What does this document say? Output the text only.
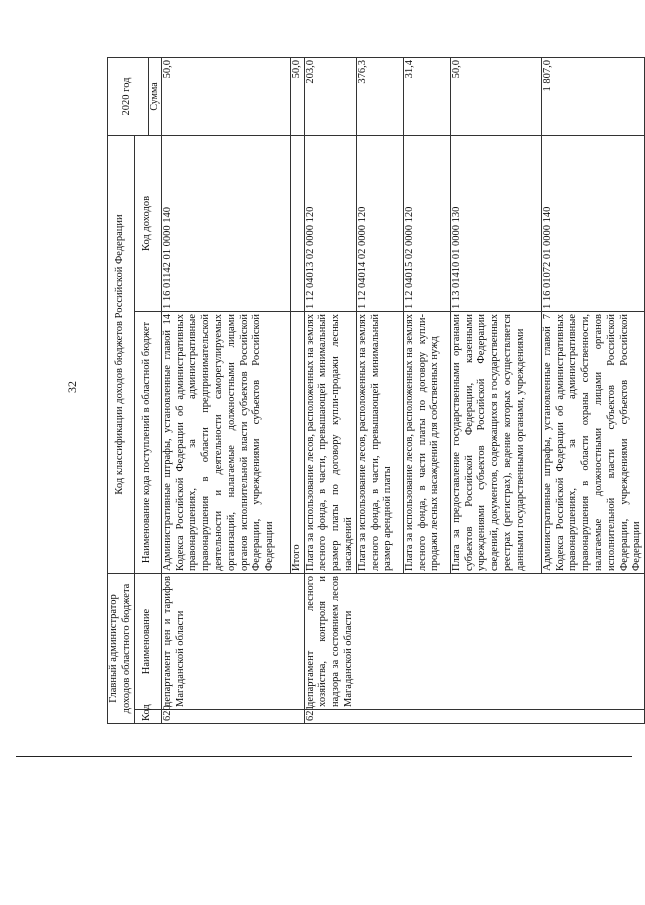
32
Главный администратор доходов областного бюджета		Код классификации доходов бюджетов Российской Федерации		2020 год
Код	Наименование	Наименование кода поступлений в областной бюджет	Код доходов	
				Сумма
620	департамент цен и тарифов Магаданской области	Административные штрафы, установленные главой 14 Кодекса Российской Федерации об административных правонарушениях, за административные правонарушения в области предпринимательской деятельности и деятельности саморегулируемых организаций, налагаемые должностными лицами органов исполнительной власти субъектов Российской Федерации, учреждениями субъектов Российской Федерации	1 16 01142 01 0000 140	50,0
		Итого		50,0
621	департамент лесного хозяйства, контроля и надзора за состоянием лесов Магаданской области	Плата за использование лесов, расположенных на землях лесного фонда, в части, превышающей минимальный размер платы по договору купли-продажи лесных насаждений	1 12 04013 02 0000 120	203,0
		Плата за использование лесов, расположенных на землях лесного фонда, в части, превышающей минимальный размер арендной платы	1 12 04014 02 0000 120	376,3
		Плата за использование лесов, расположенных на землях лесного фонда, в части платы по договору купли-продажи лесных насаждений для собственных нужд	1 12 04015 02 0000 120	31,4
		Плата за предоставление государственными органами субъектов Российской Федерации, казенными учреждениями субъектов Российской Федерации сведений, документов, содержащихся в государственных реестрах (регистрах), ведение которых осуществляется данными государственными органами, учреждениями	1 13 01410 01 0000 130	50,0
		Административные штрафы, установленные главой 7 Кодекса Российской Федерации об административных правонарушениях, за административные правонарушения в области охраны собственности, налагаемые должностными лицами органов исполнительной власти субъектов Российской Федерации, учреждениями субъектов Российской Федерации	1 16 01072 01 0000 140	1 807,0
